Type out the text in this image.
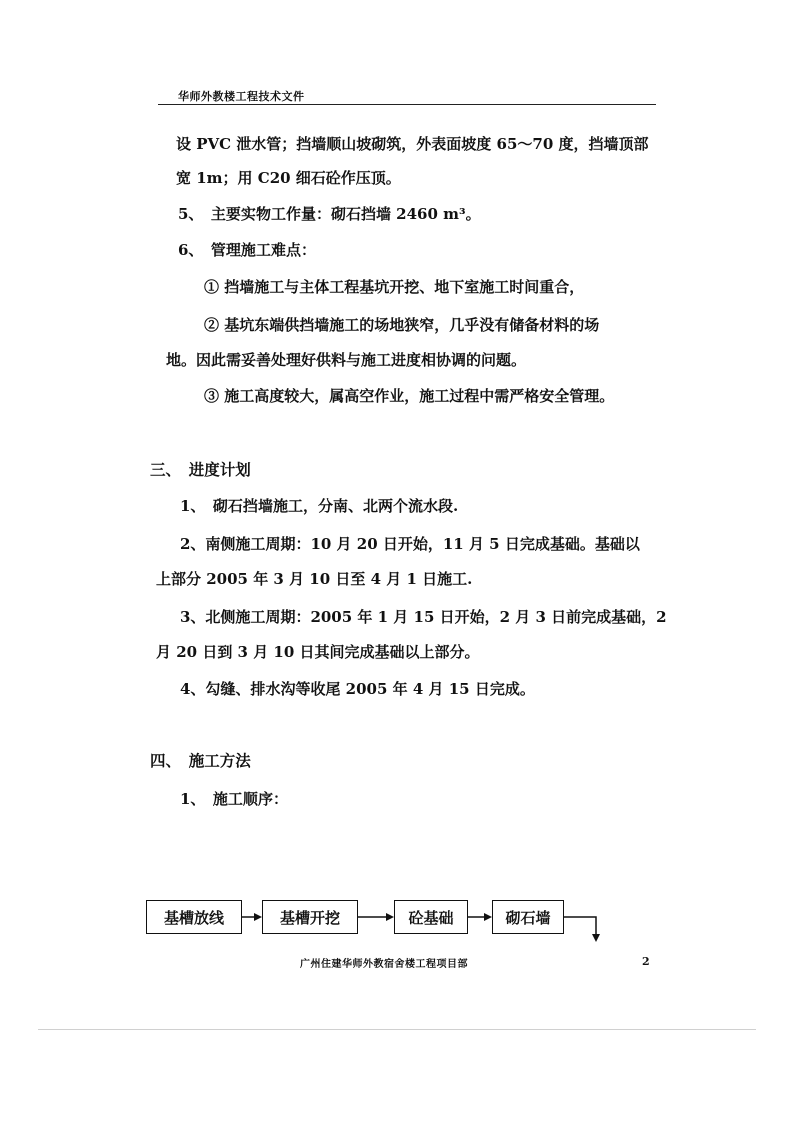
华师外教楼工程技术文件
设 PVC 泄水管；挡墙顺山坡砌筑，外表面坡度 65～70 度，挡墙顶部
宽 1m；用 C20 细石砼作压顶。
5、　主要实物工作量：砌石挡墙 2460 m³。
6、　管理施工难点：
① 挡墙施工与主体工程基坑开挖、地下室施工时间重合，
② 基坑东端供挡墙施工的场地狭窄，几乎没有储备材料的场
地。因此需妥善处理好供料与施工进度相协调的问题。
③ 施工高度较大，属高空作业，施工过程中需严格安全管理。
三、　进度计划
1、　砌石挡墙施工，分南、北两个流水段.
2、南侧施工周期：10 月 20 日开始，11 月 5 日完成基础。基础以
上部分 2005 年 3 月 10 日至 4 月 1 日施工.
3、北侧施工周期：2005 年 1 月 15 日开始，2 月 3 日前完成基础，2
月 20 日到 3 月 10 日其间完成基础以上部分。
4、勾缝、排水沟等收尾 2005 年 4 月 15 日完成。
四、　施工方法
1、　施工顺序：
基槽放线	基槽开挖	砼基础	砌石墙
广州住建华师外教宿舍楼工程项目部	2
